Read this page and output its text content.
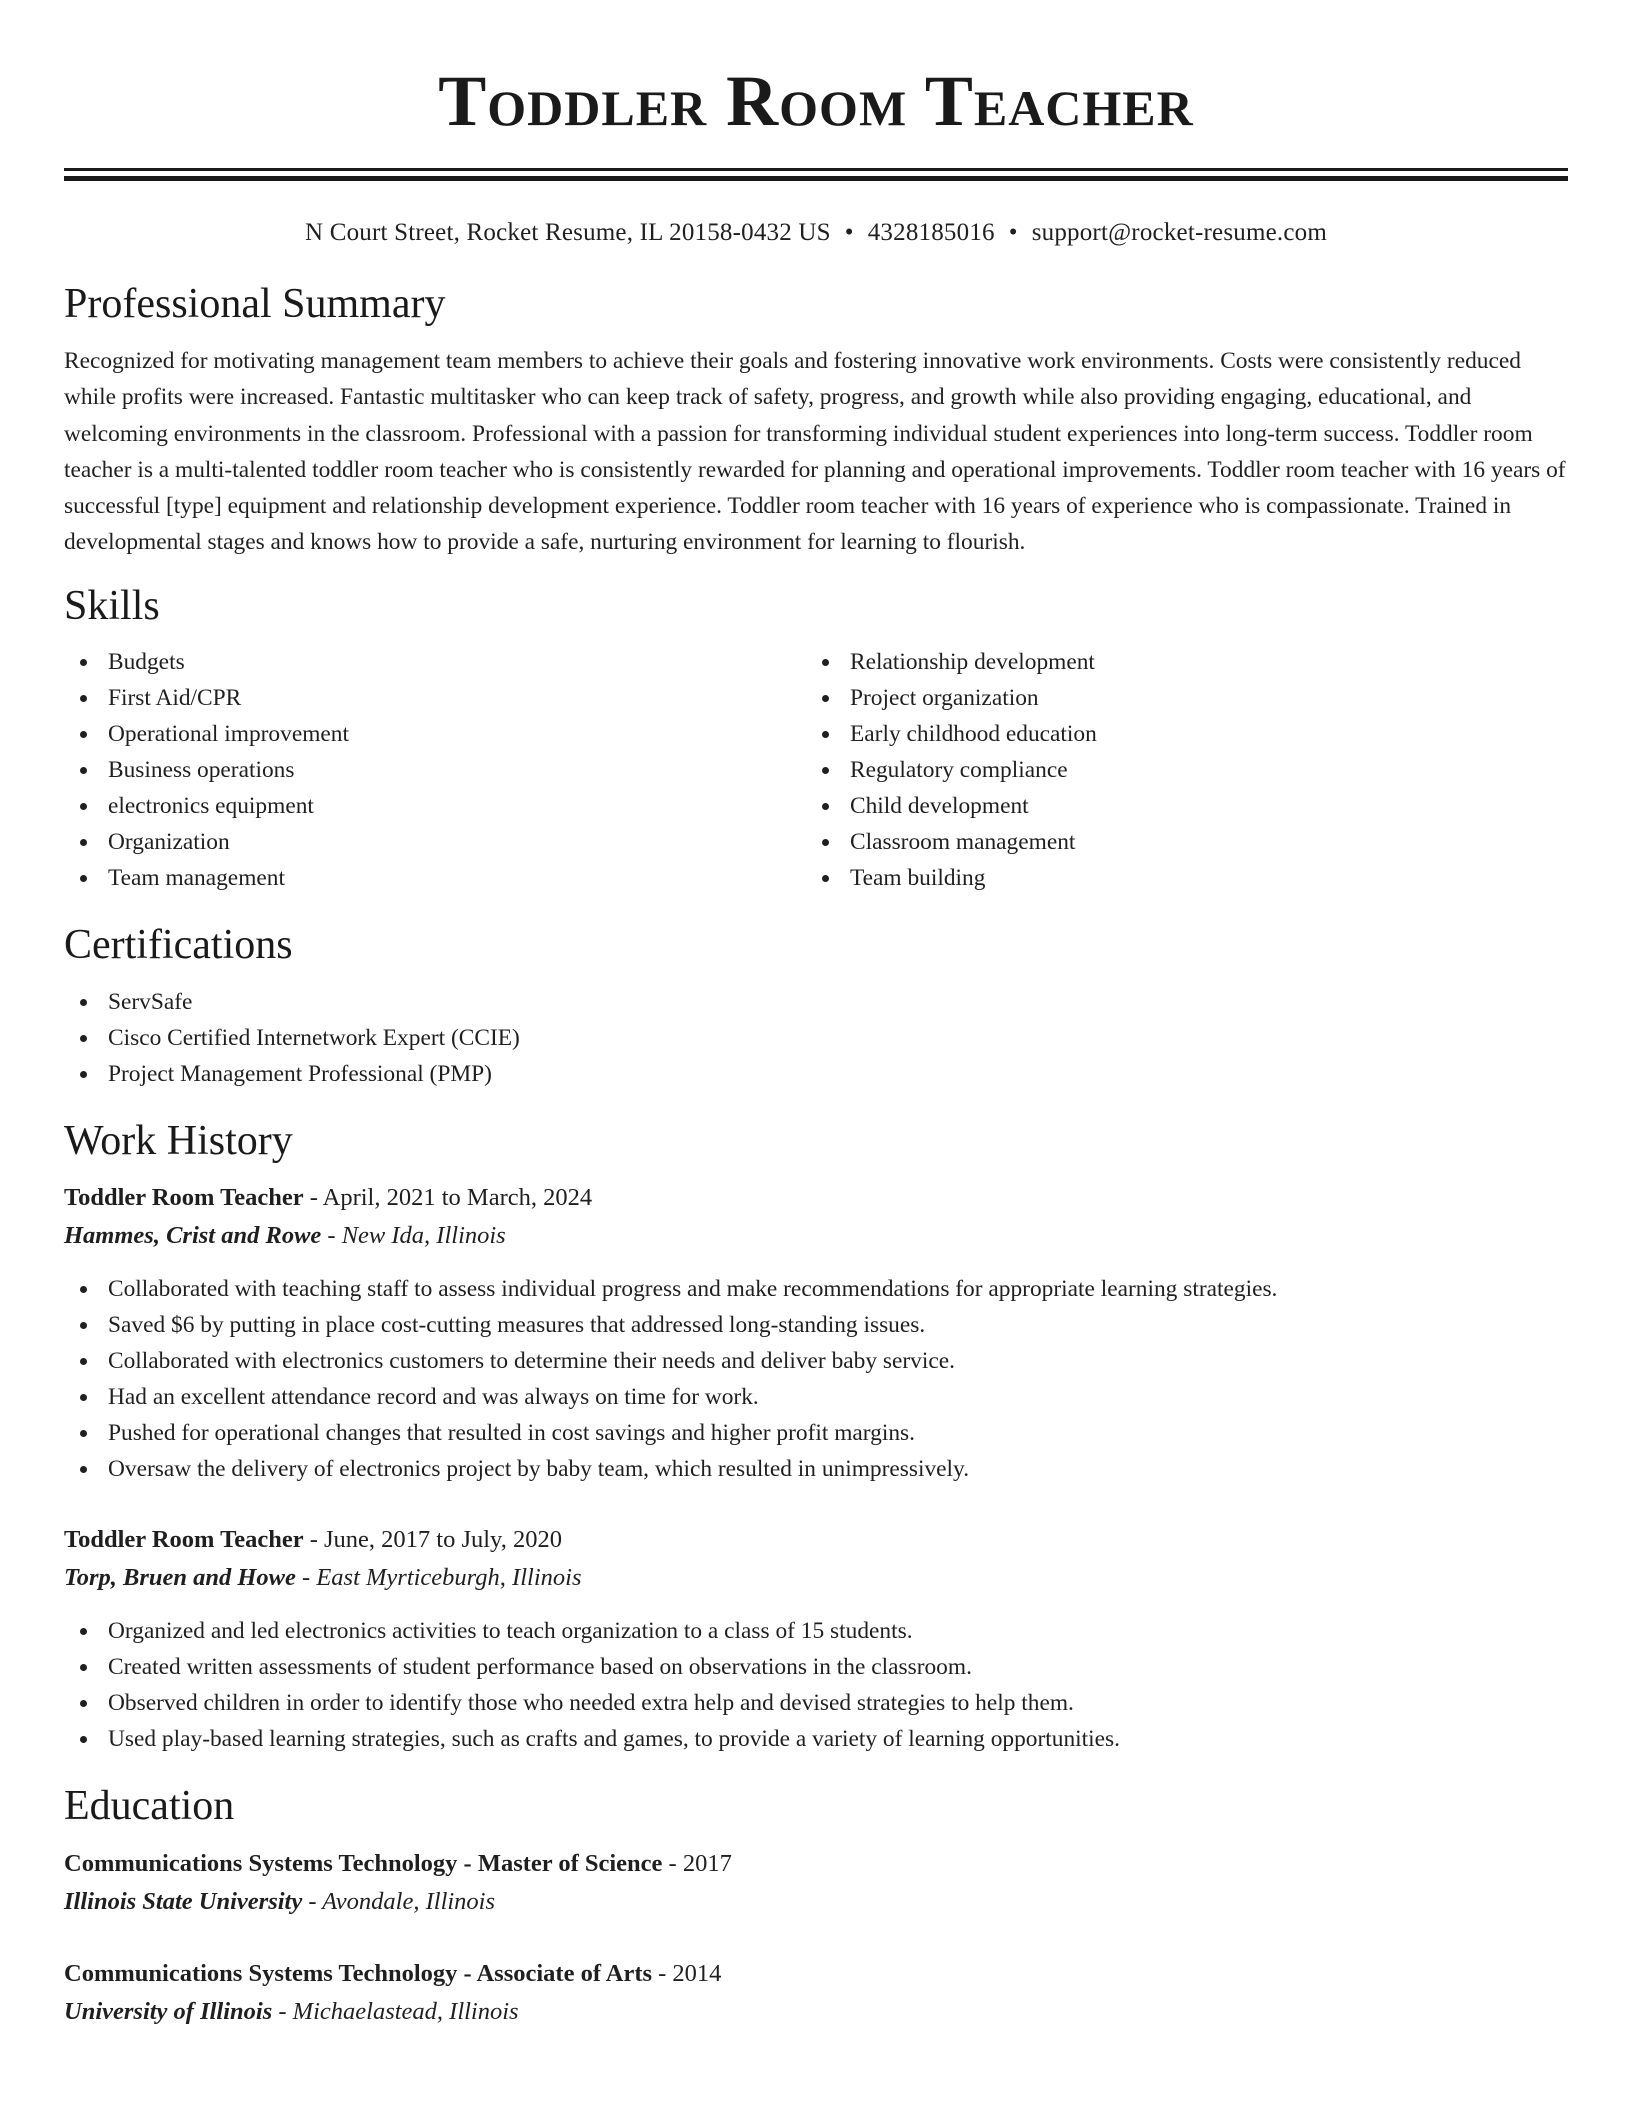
Toddler Room Teacher
N Court Street, Rocket Resume, IL 20158-0432 US • 4328185016 • support@rocket-resume.com
Professional Summary

Recognized for motivating management team members to achieve their goals and fostering innovative work environments. Costs were consistently reduced while profits were increased. Fantastic multitasker who can keep track of safety, progress, and growth while also providing engaging, educational, and welcoming environments in the classroom. Professional with a passion for transforming individual student experiences into long-term success. Toddler room teacher is a multi-talented toddler room teacher who is consistently rewarded for planning and operational improvements. Toddler room teacher with 16 years of successful [type] equipment and relationship development experience. Toddler room teacher with 16 years of experience who is compassionate. Trained in developmental stages and knows how to provide a safe, nurturing environment for learning to flourish.

Skills
Budgets
First Aid/CPR
Operational improvement
Business operations
electronics equipment
Organization
Team management
Relationship development
Project organization
Early childhood education
Regulatory compliance
Child development
Classroom management
Team building
Certifications
ServSafe
Cisco Certified Internetwork Expert (CCIE)
Project Management Professional (PMP)
Work History
Toddler Room Teacher - April, 2021 to March, 2024
Hammes, Crist and Rowe - New Ida, Illinois
Collaborated with teaching staff to assess individual progress and make recommendations for appropriate learning strategies.
Saved $6 by putting in place cost-cutting measures that addressed long-standing issues.
Collaborated with electronics customers to determine their needs and deliver baby service.
Had an excellent attendance record and was always on time for work.
Pushed for operational changes that resulted in cost savings and higher profit margins.
Oversaw the delivery of electronics project by baby team, which resulted in unimpressively.
Toddler Room Teacher - June, 2017 to July, 2020
Torp, Bruen and Howe - East Myrticeburgh, Illinois
Organized and led electronics activities to teach organization to a class of 15 students.
Created written assessments of student performance based on observations in the classroom.
Observed children in order to identify those who needed extra help and devised strategies to help them.
Used play-based learning strategies, such as crafts and games, to provide a variety of learning opportunities.
Education
Communications Systems Technology - Master of Science - 2017
Illinois State University - Avondale, Illinois
Communications Systems Technology - Associate of Arts - 2014
University of Illinois - Michaelastead, Illinois
